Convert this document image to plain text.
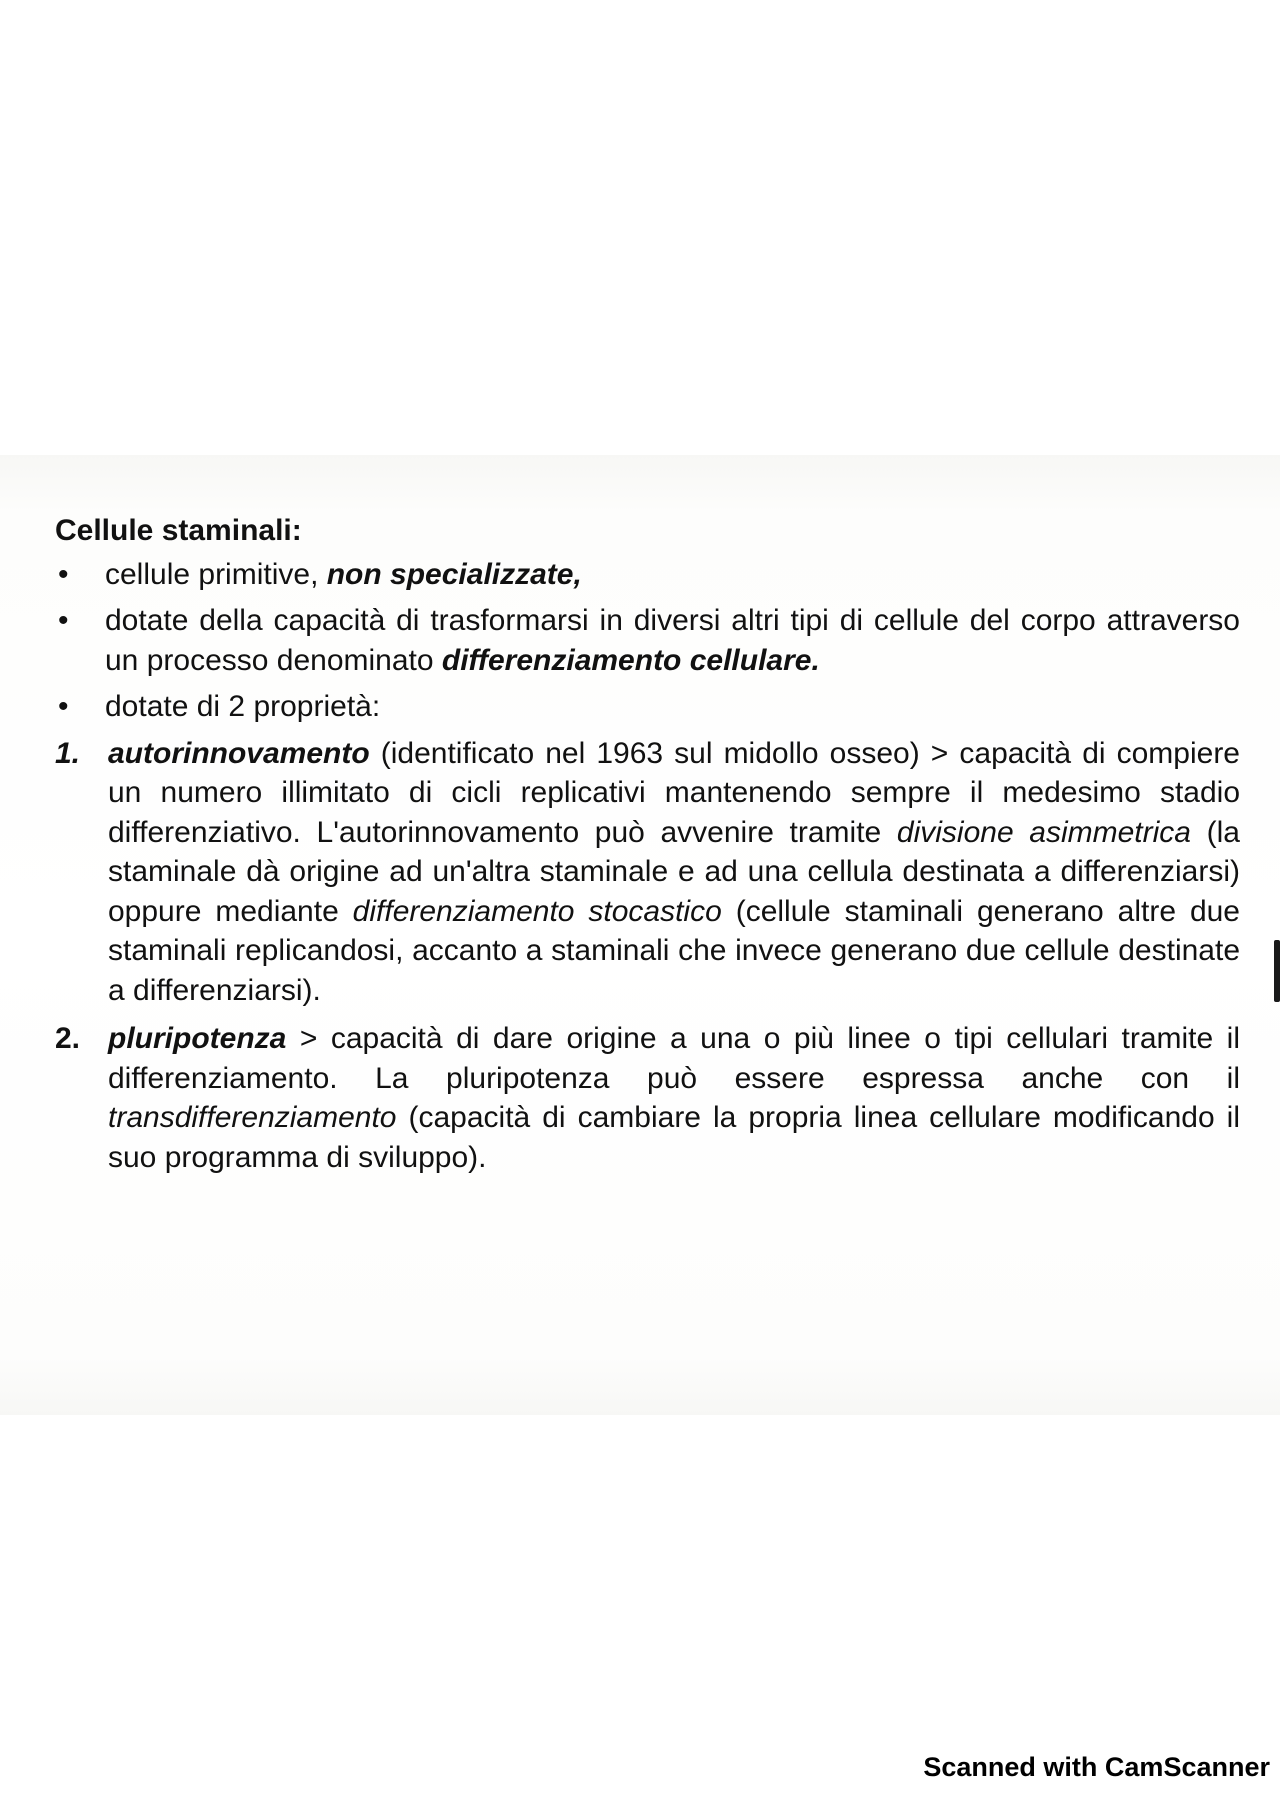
Cellule staminali:
•	cellule primitive, non specializzate,
•	dotate della capacità di trasformarsi in diversi altri tipi di cellule del corpo attraverso un processo denominato differenziamento cellulare.
•	dotate di 2 proprietà:
1. autorinnovamento (identificato nel 1963 sul midollo osseo) > capacità di compiere un numero illimitato di cicli replicativi mantenendo sempre il medesimo stadio differenziativo. L'autorinnovamento può avvenire tramite divisione asimmetrica (la staminale dà origine ad un'altra staminale e ad una cellula destinata a differenziarsi) oppure mediante differenziamento stocastico (cellule staminali generano altre due staminali replicandosi, accanto a staminali che invece generano due cellule destinate a differenziarsi).
2. pluripotenza > capacità di dare origine a una o più linee o tipi cellulari tramite il differenziamento. La pluripotenza può essere espressa anche con il transdifferenziamento (capacità di cambiare la propria linea cellulare modificando il suo programma di sviluppo).
Scanned with CamScanner
